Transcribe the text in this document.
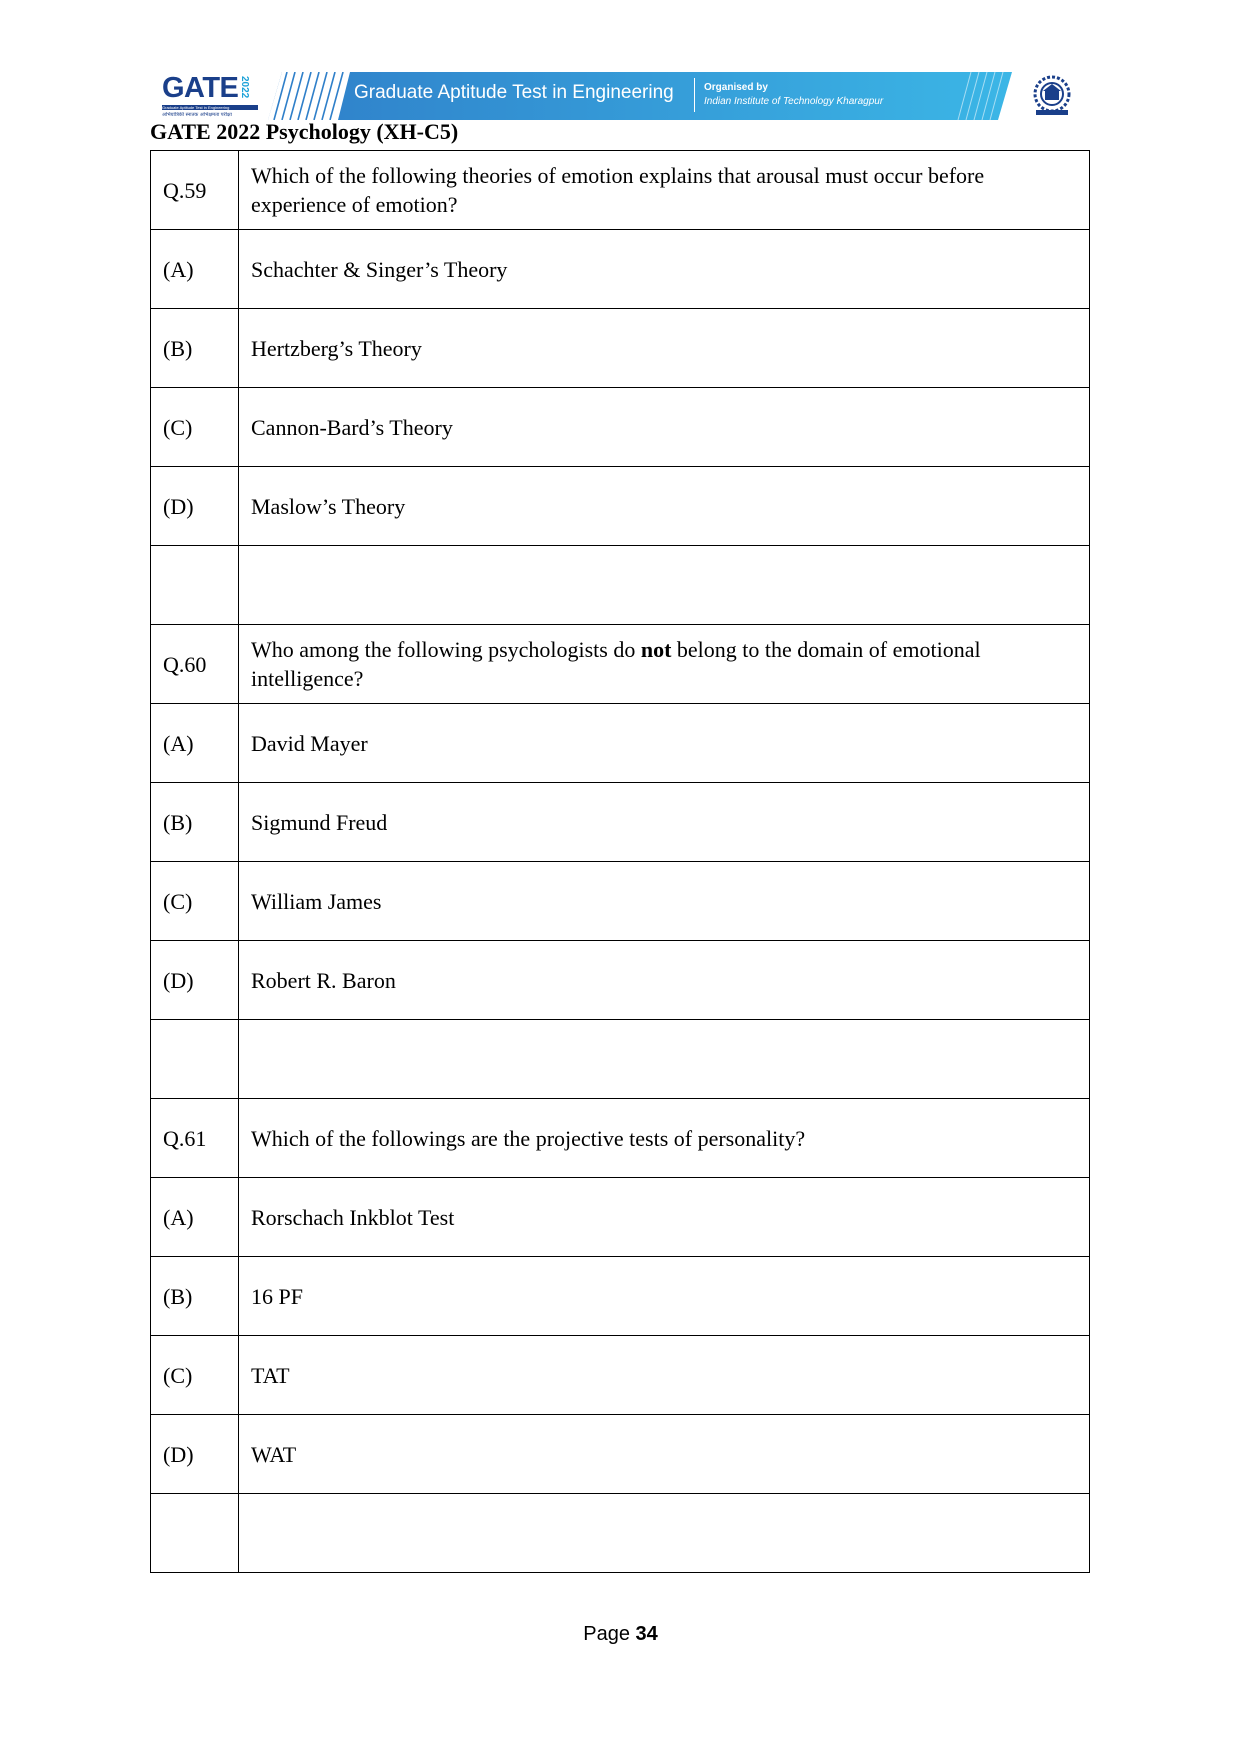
GATE 2022
Graduate Aptitude Test in Engineering
अभियांत्रिकी स्नातक अभिक्षमता परीक्षा
Graduate Aptitude Test in Engineering	Organised by
Indian Institute of Technology Kharagpur
GATE 2022 Psychology (XH-C5)
Q.59	Which of the following theories of emotion explains that arousal must occur before experience of emotion?
(A)	Schachter & Singer’s Theory
(B)	Hertzberg’s Theory
(C)	Cannon-Bard’s Theory
(D)	Maslow’s Theory

Q.60	Who among the following psychologists do not belong to the domain of emotional intelligence?
(A)	David Mayer
(B)	Sigmund Freud
(C)	William James
(D)	Robert R. Baron

Q.61	Which of the followings are the projective tests of personality?
(A)	Rorschach Inkblot Test
(B)	16 PF
(C)	TAT
(D)	WAT

Page 34
